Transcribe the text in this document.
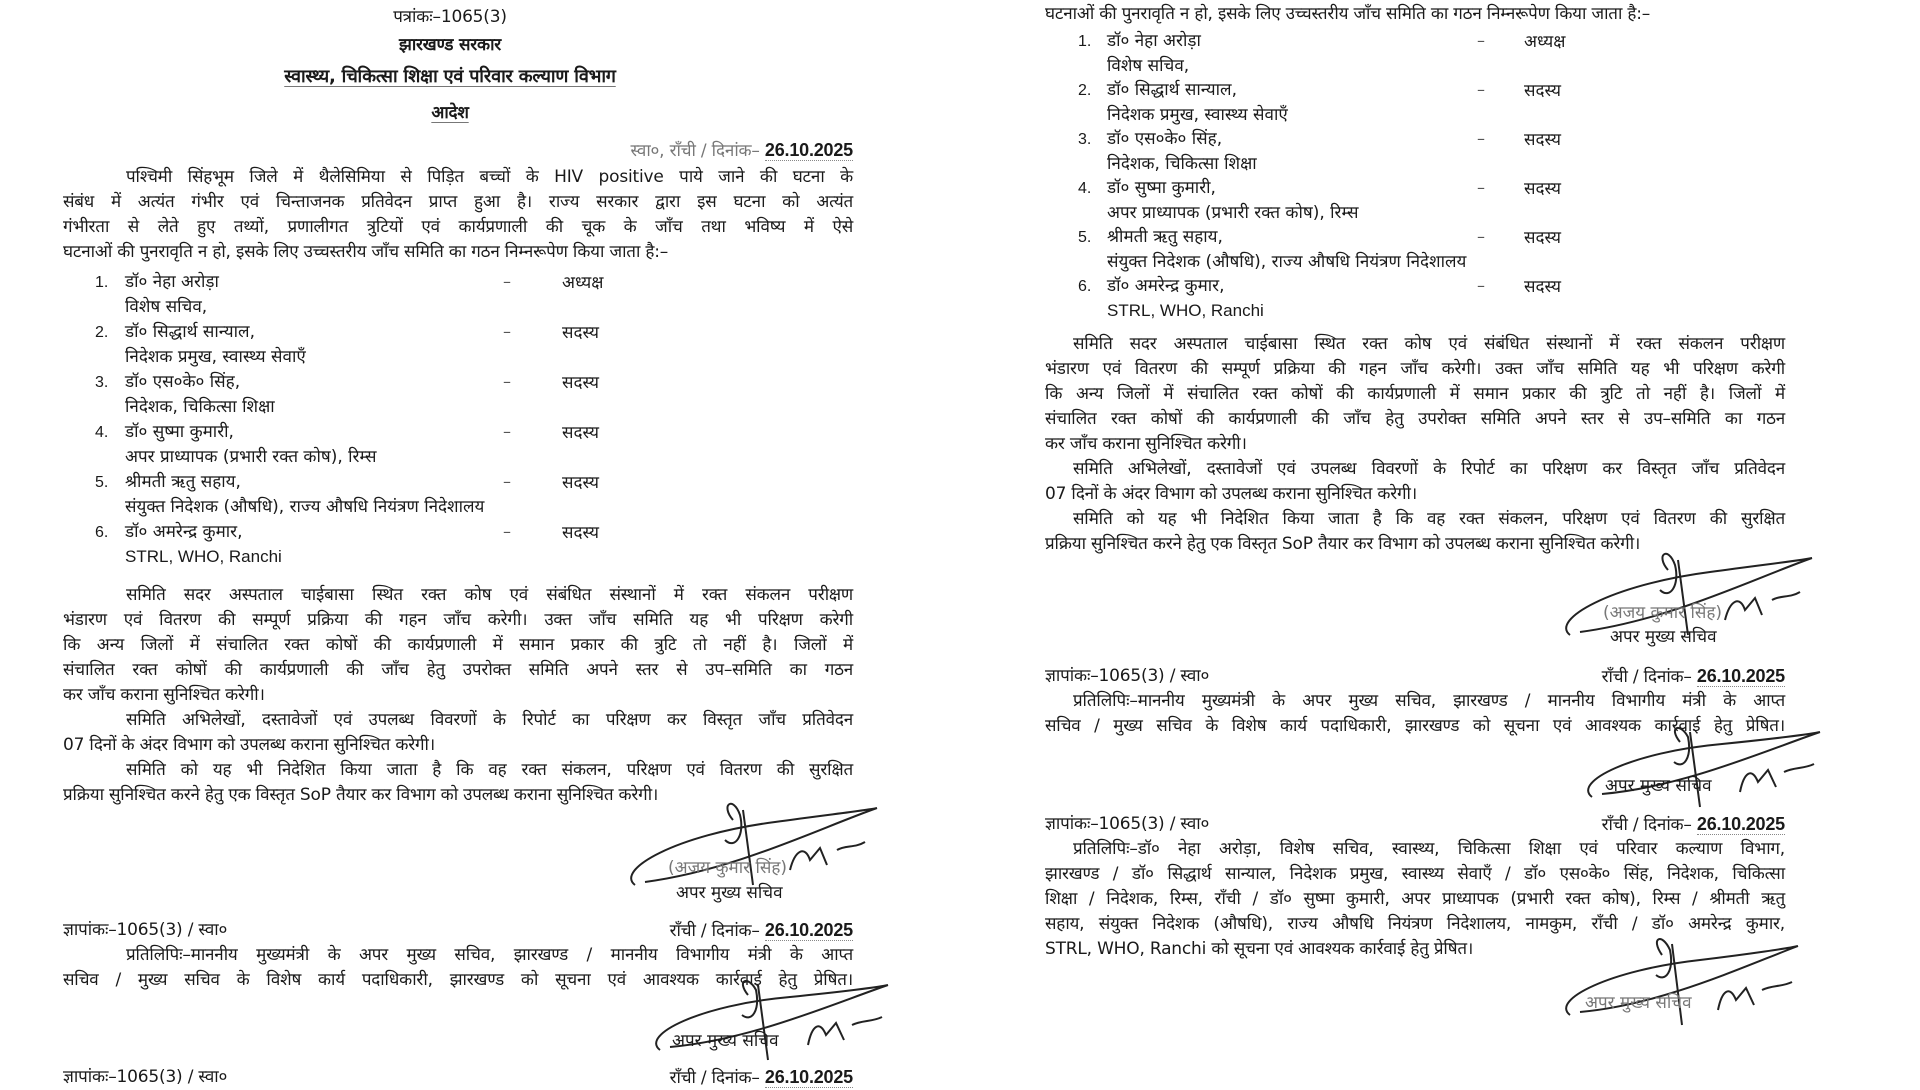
पत्रांकः–1065(3)
झारखण्ड सरकार
स्वास्थ्य, चिकित्सा शिक्षा एवं परिवार कल्याण विभाग
आदेश
स्वा०, राँची / दिनांक– 26.10.2025
पश्चिमी सिंहभूम जिले में थैलेसिमिया से पिड़ित बच्चों के HIV positive पाये जाने की घटना के
संबंध में अत्यंत गंभीर एवं चिन्ताजनक प्रतिवेदन प्राप्त हुआ है। राज्य सरकार द्वारा इस घटना को अत्यंत
गंभीरता से लेते हुए तथ्यों, प्रणालीगत त्रुटियों एवं कार्यप्रणाली की चूक के जाँच तथा भविष्य में ऐसे
घटनाओं की पुनरावृति न हो, इसके लिए उच्चस्तरीय जाँच समिति का गठन निम्नरूपेण किया जाता है:–
1. डॉ० नेहा अरोड़ा
विशेष सचिव,
–	अध्यक्ष
2. डॉ० सिद्धार्थ सान्याल,
निदेशक प्रमुख, स्वास्थ्य सेवाएँ
–	सदस्य
3. डॉ० एस०के० सिंह,
निदेशक, चिकित्सा शिक्षा
–	सदस्य
4. डॉ० सुष्मा कुमारी,
अपर प्राध्यापक (प्रभारी रक्त कोष), रिम्स
–	सदस्य
5. श्रीमती ऋतु सहाय,
संयुक्त निदेशक (औषधि), राज्य औषधि नियंत्रण निदेशालय
–	सदस्य
6. डॉ० अमरेन्द्र कुमार,
STRL, WHO, Ranchi
–	सदस्य
समिति सदर अस्पताल चाईबासा स्थित रक्त कोष एवं संबंधित संस्थानों में रक्त संकलन परीक्षण
भंडारण एवं वितरण की सम्पूर्ण प्रक्रिया की गहन जाँच करेगी। उक्त जाँच समिति यह भी परिक्षण करेगी
कि अन्य जिलों में संचालित रक्त कोषों की कार्यप्रणाली में समान प्रकार की त्रुटि तो नहीं है। जिलों में
संचालित रक्त कोषों की कार्यप्रणाली की जाँच हेतु उपरोक्त समिति अपने स्तर से उप–समिति का गठन
कर जाँच कराना सुनिश्चित करेगी।
समिति अभिलेखों, दस्तावेजों एवं उपलब्ध विवरणों के रिपोर्ट का परिक्षण कर विस्तृत जाँच प्रतिवेदन
07 दिनों के अंदर विभाग को उपलब्ध कराना सुनिश्चित करेगी।
समिति को यह भी निदेशित किया जाता है कि वह रक्त संकलन, परिक्षण एवं वितरण की सुरक्षित
प्रक्रिया सुनिश्चित करने हेतु एक विस्तृत SoP तैयार कर विभाग को उपलब्ध कराना सुनिश्चित करेगी।
(अजय कुमार सिंह)
अपर मुख्य सचिव
ज्ञापांकः–1065(3) / स्वा०	राँची / दिनांक– 26.10.2025
प्रतिलिपिः–माननीय मुख्यमंत्री के अपर मुख्य सचिव, झारखण्ड / माननीय विभागीय मंत्री के आप्त
सचिव / मुख्य सचिव के विशेष कार्य पदाधिकारी, झारखण्ड को सूचना एवं आवश्यक कार्रवाई हेतु प्रेषित।
अपर मुख्य सचिव
ज्ञापांकः–1065(3) / स्वा०	राँची / दिनांक– 26.10.2025
घटनाओं की पुनरावृति न हो, इसके लिए उच्चस्तरीय जाँच समिति का गठन निम्नरूपेण किया जाता है:–
1. डॉ० नेहा अरोड़ा
विशेष सचिव,
– अध्यक्ष
2. डॉ० सिद्धार्थ सान्याल,
निदेशक प्रमुख, स्वास्थ्य सेवाएँ
– सदस्य
3. डॉ० एस०के० सिंह,
निदेशक, चिकित्सा शिक्षा
– सदस्य
4. डॉ० सुष्मा कुमारी,
अपर प्राध्यापक (प्रभारी रक्त कोष), रिम्स
– सदस्य
5. श्रीमती ऋतु सहाय,
संयुक्त निदेशक (औषधि), राज्य औषधि नियंत्रण निदेशालय
– सदस्य
6. डॉ० अमरेन्द्र कुमार,
STRL, WHO, Ranchi
– सदस्य
समिति सदर अस्पताल चाईबासा स्थित रक्त कोष एवं संबंधित संस्थानों में रक्त संकलन परीक्षण
भंडारण एवं वितरण की सम्पूर्ण प्रक्रिया की गहन जाँच करेगी। उक्त जाँच समिति यह भी परिक्षण करेगी
कि अन्य जिलों में संचालित रक्त कोषों की कार्यप्रणाली में समान प्रकार की त्रुटि तो नहीं है। जिलों में
संचालित रक्त कोषों की कार्यप्रणाली की जाँच हेतु उपरोक्त समिति अपने स्तर से उप–समिति का गठन
कर जाँच कराना सुनिश्चित करेगी।
समिति अभिलेखों, दस्तावेजों एवं उपलब्ध विवरणों के रिपोर्ट का परिक्षण कर विस्तृत जाँच प्रतिवेदन
07 दिनों के अंदर विभाग को उपलब्ध कराना सुनिश्चित करेगी।
समिति को यह भी निदेशित किया जाता है कि वह रक्त संकलन, परिक्षण एवं वितरण की सुरक्षित
प्रक्रिया सुनिश्चित करने हेतु एक विस्तृत SoP तैयार कर विभाग को उपलब्ध कराना सुनिश्चित करेगी।
(अजय कुमार सिंह)
अपर मुख्य सचिव
ज्ञापांकः–1065(3) / स्वा०	राँची / दिनांक– 26.10.2025
प्रतिलिपिः–माननीय मुख्यमंत्री के अपर मुख्य सचिव, झारखण्ड / माननीय विभागीय मंत्री के आप्त
सचिव / मुख्य सचिव के विशेष कार्य पदाधिकारी, झारखण्ड को सूचना एवं आवश्यक कार्रवाई हेतु प्रेषित।
अपर मुख्य सचिव
ज्ञापांकः–1065(3) / स्वा०	राँची / दिनांक– 26.10.2025
प्रतिलिपिः–डॉ० नेहा अरोड़ा, विशेष सचिव, स्वास्थ्य, चिकित्सा शिक्षा एवं परिवार कल्याण विभाग,
झारखण्ड / डॉ० सिद्धार्थ सान्याल, निदेशक प्रमुख, स्वास्थ्य सेवाएँ / डॉ० एस०के० सिंह, निदेशक, चिकित्सा
शिक्षा / निदेशक, रिम्स, राँची / डॉ० सुष्मा कुमारी, अपर प्राध्यापक (प्रभारी रक्त कोष), रिम्स / श्रीमती ऋतु
सहाय, संयुक्त निदेशक (औषधि), राज्य औषधि नियंत्रण निदेशालय, नामकुम, राँची / डॉ० अमरेन्द्र कुमार,
STRL, WHO, Ranchi को सूचना एवं आवश्यक कार्रवाई हेतु प्रेषित।
अपर मुख्य सचिव
